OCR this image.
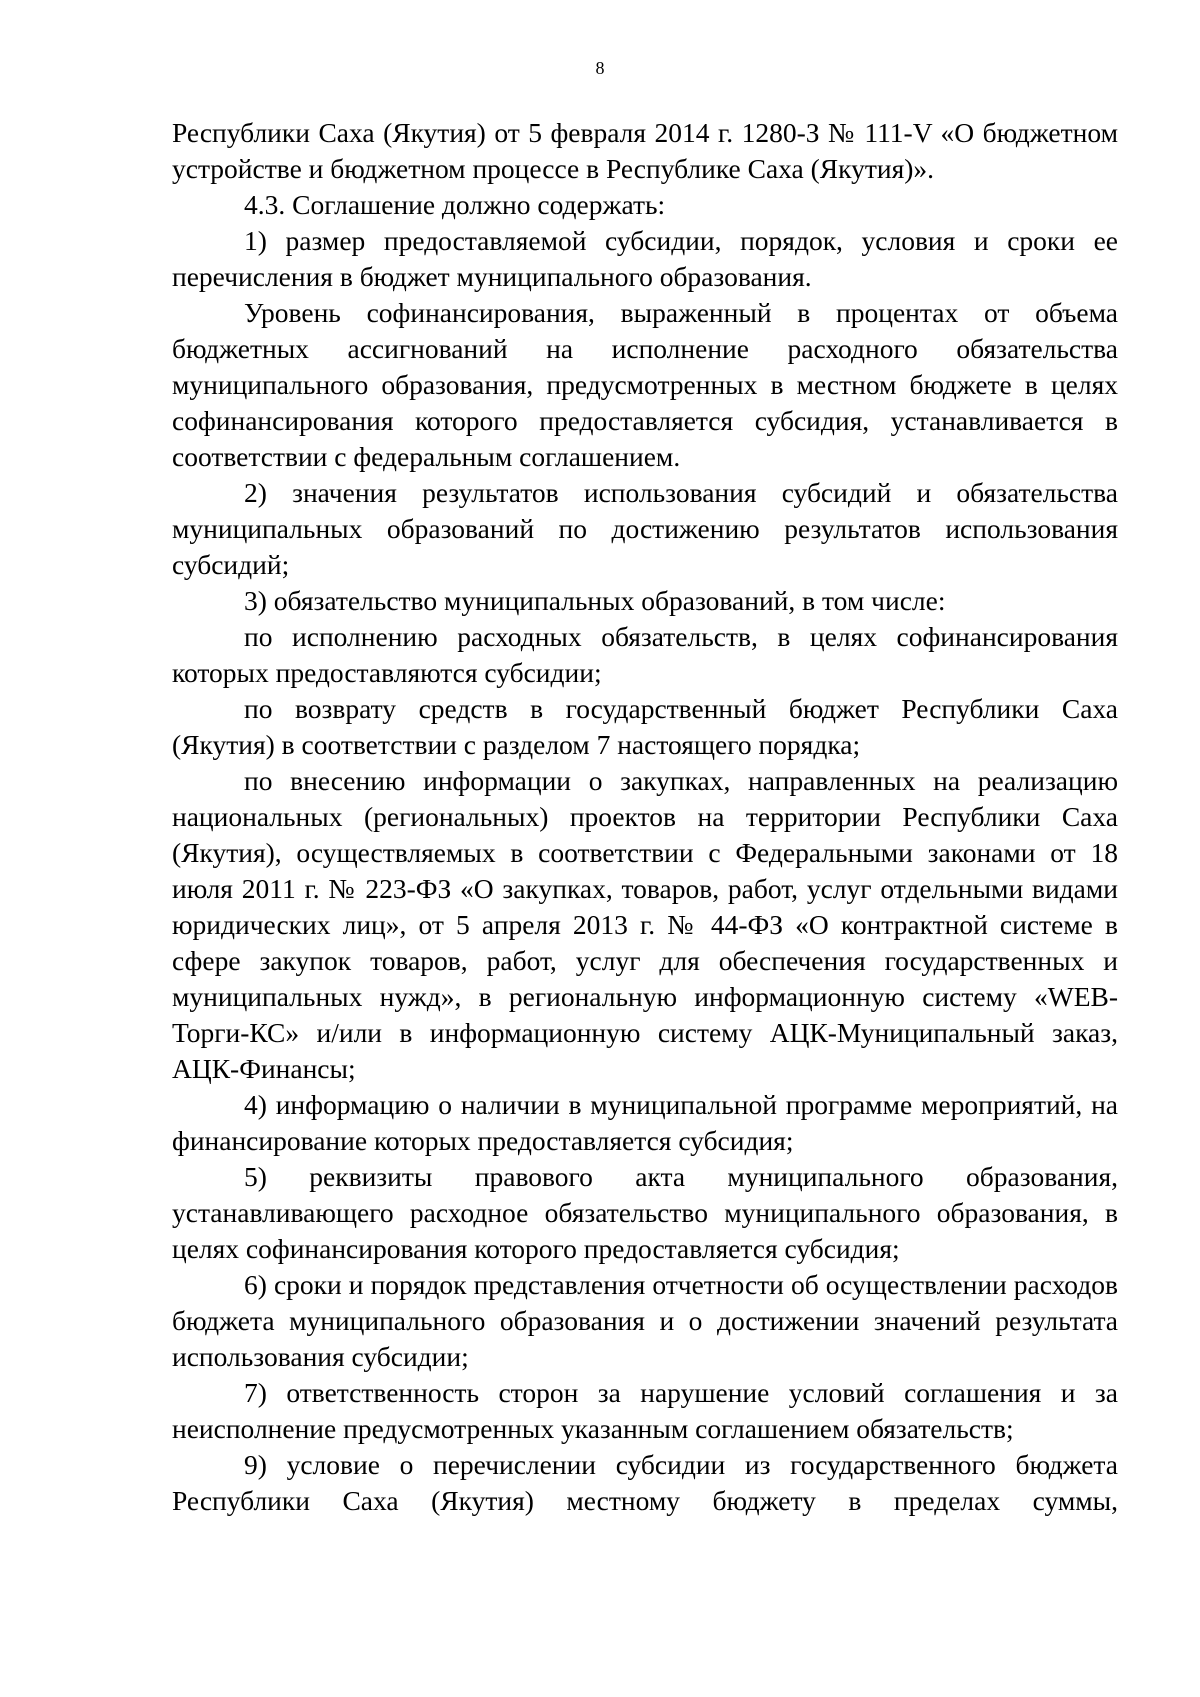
8

Республики Саха (Якутия) от 5 февраля 2014 г. 1280-З № 111-V «О бюджетном устройстве и бюджетном процессе в Республике Саха (Якутия)».

4.3. Соглашение должно содержать:

1) размер предоставляемой субсидии, порядок, условия и сроки ее перечисления в бюджет муниципального образования.

Уровень софинансирования, выраженный в процентах от объема бюджетных ассигнований на исполнение расходного обязательства муниципального образования, предусмотренных в местном бюджете в целях софинансирования которого предоставляется субсидия, устанавливается в соответствии с федеральным соглашением.

2) значения результатов использования субсидий и обязательства муниципальных образований по достижению результатов использования субсидий;

3) обязательство муниципальных образований, в том числе:

по исполнению расходных обязательств, в целях софинансирования которых предоставляются субсидии;

по возврату средств в государственный бюджет Республики Саха (Якутия) в соответствии с разделом 7 настоящего порядка;

по внесению информации о закупках, направленных на реализацию национальных (региональных) проектов на территории Республики Саха (Якутия), осуществляемых в соответствии с Федеральными законами от 18 июля 2011 г. № 223-ФЗ «О закупках, товаров, работ, услуг отдельными видами юридических лиц», от 5 апреля 2013 г. № 44-ФЗ «О контрактной системе в сфере закупок товаров, работ, услуг для обеспечения государственных и муниципальных нужд», в региональную информационную систему «WEB-Торги-КС» и/или в информационную систему АЦК-Муниципальный заказ, АЦК-Финансы;

4) информацию о наличии в муниципальной программе мероприятий, на финансирование которых предоставляется субсидия;

5) реквизиты правового акта муниципального образования, устанавливающего расходное обязательство муниципального образования, в целях софинансирования которого предоставляется субсидия;

6) сроки и порядок представления отчетности об осуществлении расходов бюджета муниципального образования и о достижении значений результата использования субсидии;

7) ответственность сторон за нарушение условий соглашения и за неисполнение предусмотренных указанным соглашением обязательств;

9) условие о перечислении субсидии из государственного бюджета Республики Саха (Якутия) местному бюджету в пределах суммы,
